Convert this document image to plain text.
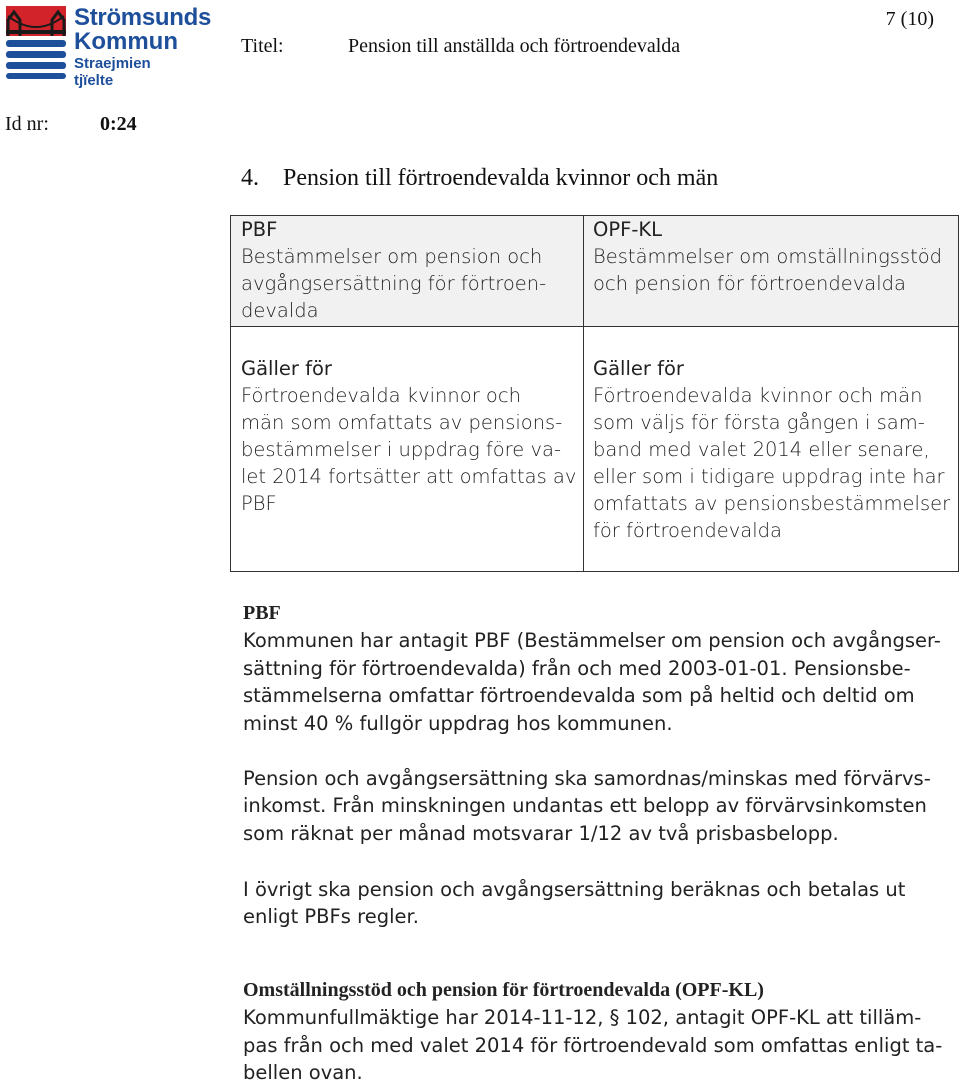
Strömsunds
Kommun
Straejmien tjïelte
7 (10)
Titel:	Pension till anställda och förtroendevalda
Id nr:	0:24
4. Pension till förtroendevalda kvinnor och män
PBF
Bestämmelser om pension och
avgångsersättning för förtroen-
devalda
OPF-KL
Bestämmelser om omställningsstöd
och pension för förtroendevalda
Gäller för
Förtroendevalda kvinnor och
män som omfattats av pensions-
bestämmelser i uppdrag före va-
let 2014 fortsätter att omfattas av
PBF
Gäller för
Förtroendevalda kvinnor och män
som väljs för första gången i sam-
band med valet 2014 eller senare,
eller som i tidigare uppdrag inte har
omfattats av pensionsbestämmelser
för förtroendevalda
PBF
Kommunen har antagit PBF (Bestämmelser om pension och avgångser-
sättning för förtroendevalda) från och med 2003-01-01. Pensionsbe-
stämmelserna omfattar förtroendevalda som på heltid och deltid om
minst 40 % fullgör uppdrag hos kommunen.
Pension och avgångsersättning ska samordnas/minskas med förvärvs-
inkomst. Från minskningen undantas ett belopp av förvärvsinkomsten
som räknat per månad motsvarar 1/12 av två prisbasbelopp.
I övrigt ska pension och avgångsersättning beräknas och betalas ut
enligt PBFs regler.
Omställningsstöd och pension för förtroendevalda (OPF-KL)
Kommunfullmäktige har 2014-11-12, § 102, antagit OPF-KL att tilläm-
pas från och med valet 2014 för förtroendevald som omfattas enligt ta-
bellen ovan.
